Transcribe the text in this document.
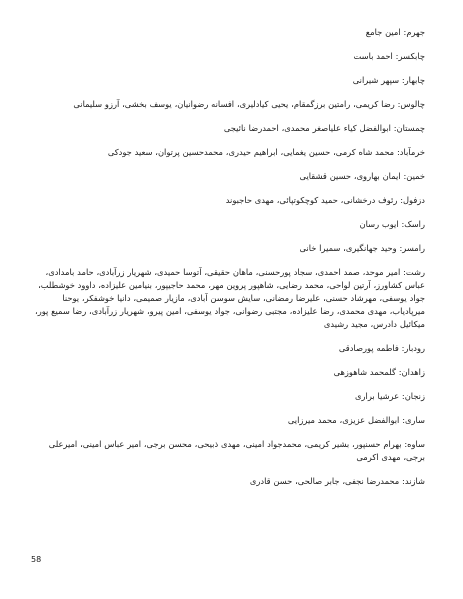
جهرم: امین جامع

چابکسر: احمد باست

چابهار: سپهر شیرانی

چالوس: رضا کریمی، رامتین برزگمقام، یحیی کیادلیری، افسانه رضوانیان، یوسف بخشی، آرزو سلیمانی

چمستان: ابوالفضل کیاء علیاصغر محمدی، احمدرضا نائیجی

خرمآباد: محمد شاه کرمی، حسین یغمایی، ابراهیم حیدری، محمدحسین پرتوان، سعید جودکی

خمین: ایمان بهاروی، حسین قشقایی

دزفول: رئوف درخشانی، حمید کوچکوتپائی، مهدی حاجبوند

راسک: ایوب رسان

رامسر: وحید جهانگیری، سمیرا خانی

رشت: امیر موحد، صمد احمدی، سجاد پورحسنی، ماهان حقیقی، آتوسا حمیدی، شهریار زرآبادی، حامد بامدادی، عباس کشاورز، آرتین لواحی، محمد رضایی، شاهپور پروین مهر، محمد حاجیپور، بنیامین علیزاده، داوود خوشطلب، جواد یوسفی، مهرشاد حسنی، علیرضا رمضانی، سایش سوسن آبادی، مازیار صمیمی، دانیا خوشفکر، یوحنا میرپادیاب، مهدی محمدی، رضا علیزاده، مجتبی رضوانی، جواد یوسفی، امین پیرو، شهریار زرآبادی، رضا سمیع پور، میکائیل دادرس، مجید رشیدی

رودبار: فاطمه پورصادقی

زاهدان: گلمحمد شاهوزهی

زنجان: عرشیا براری

ساری: ابوالفضل عزیزی، محمد میرزایی

ساوه: بهرام حسنپور، بشیر کریمی، محمدجواد امینی، مهدی ذبیحی، محسن برجی، امیر عباس امینی، امیرعلی برجی، مهدی اکرمی

شازند: محمدرضا نجفی، جابر صالحی، حسن قادری

58
